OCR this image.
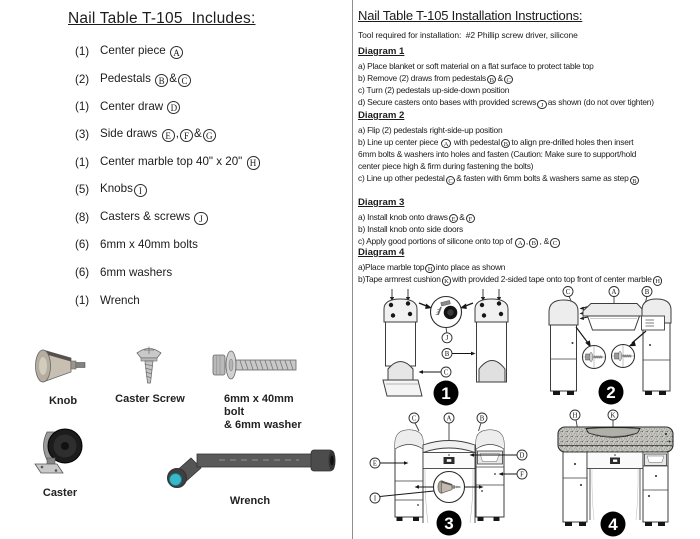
Nail Table T-105  Includes:
(1) Center piece A
(2) Pedestals B & C
(1) Center draw D
(3) Side draws E , F & G
(1) Center marble top 40" x 20" H
(5) Knobs I
(8) Casters & screws J
(6) 6mm x 40mm bolts
(6) 6mm washers
(1) Wrench
Knob	Caster Screw	6mm x 40mm bolt
& 6mm washer
Caster
Wrench
Nail Table T-105 Installation Instructions:
Tool required for installation:  #2 Phillip screw driver, silicone
Diagram 1

a) Place blanket or soft material on a flat surface to protect table top

b) Remove (2) draws from pedestals B & C

c) Turn (2) pedestals up-side-down position

d) Secure casters onto bases with provided screws J as shown (do not over tighten)

Diagram 2

a) Flip (2) pedestals right-side-up position

b) Line up center piece A with pedestal B to align pre-drilled holes then insert

6mm bolts & washers into holes and fasten (Caution: Make sure to support/hold

center piece high & firm during fastening the bolts)

c) Line up other pedestal C & fasten with 6mm bolts & washers same as step B

Diagram 3

a) Install knob onto draws E & F

b) Install knob onto side doors

c) Apply good portions of silicone onto top of A , B , & C

Diagram 4

a)Place marble top H into place as shown

b)Tape armrest cushion K with provided 2-sided tape onto top front of center marble H

J
B
C
1
C	A	B
2
C	A	B
E
D
F
I
3
H	K
4
